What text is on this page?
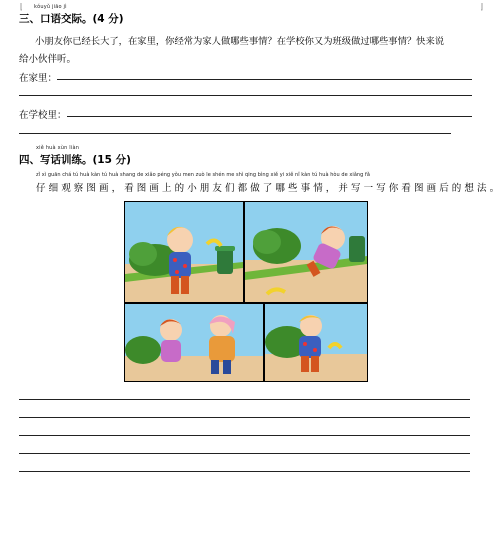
kǒuyǔ jiāo jì
三、口语交际。(4 分)
小朋友你已经长大了，在家里，你经常为家人做哪些事情？在学校你又为班级做过哪些事情？快来说
给小伙伴听。
在家里：
在学校里：
xiě huà xùn liàn
四、写话训练。(15 分)
zǐ xì guān chá tú huà kàn tú huà shang de xiǎo péng yǒu men zuò le shén me shì qing bìng xiě yi xiě nǐ kàn tú huà hòu de xiǎng fǎ
仔细观察图画，看图画上的小朋友们都做了哪些事情，并写一写你看图画后的想法。
